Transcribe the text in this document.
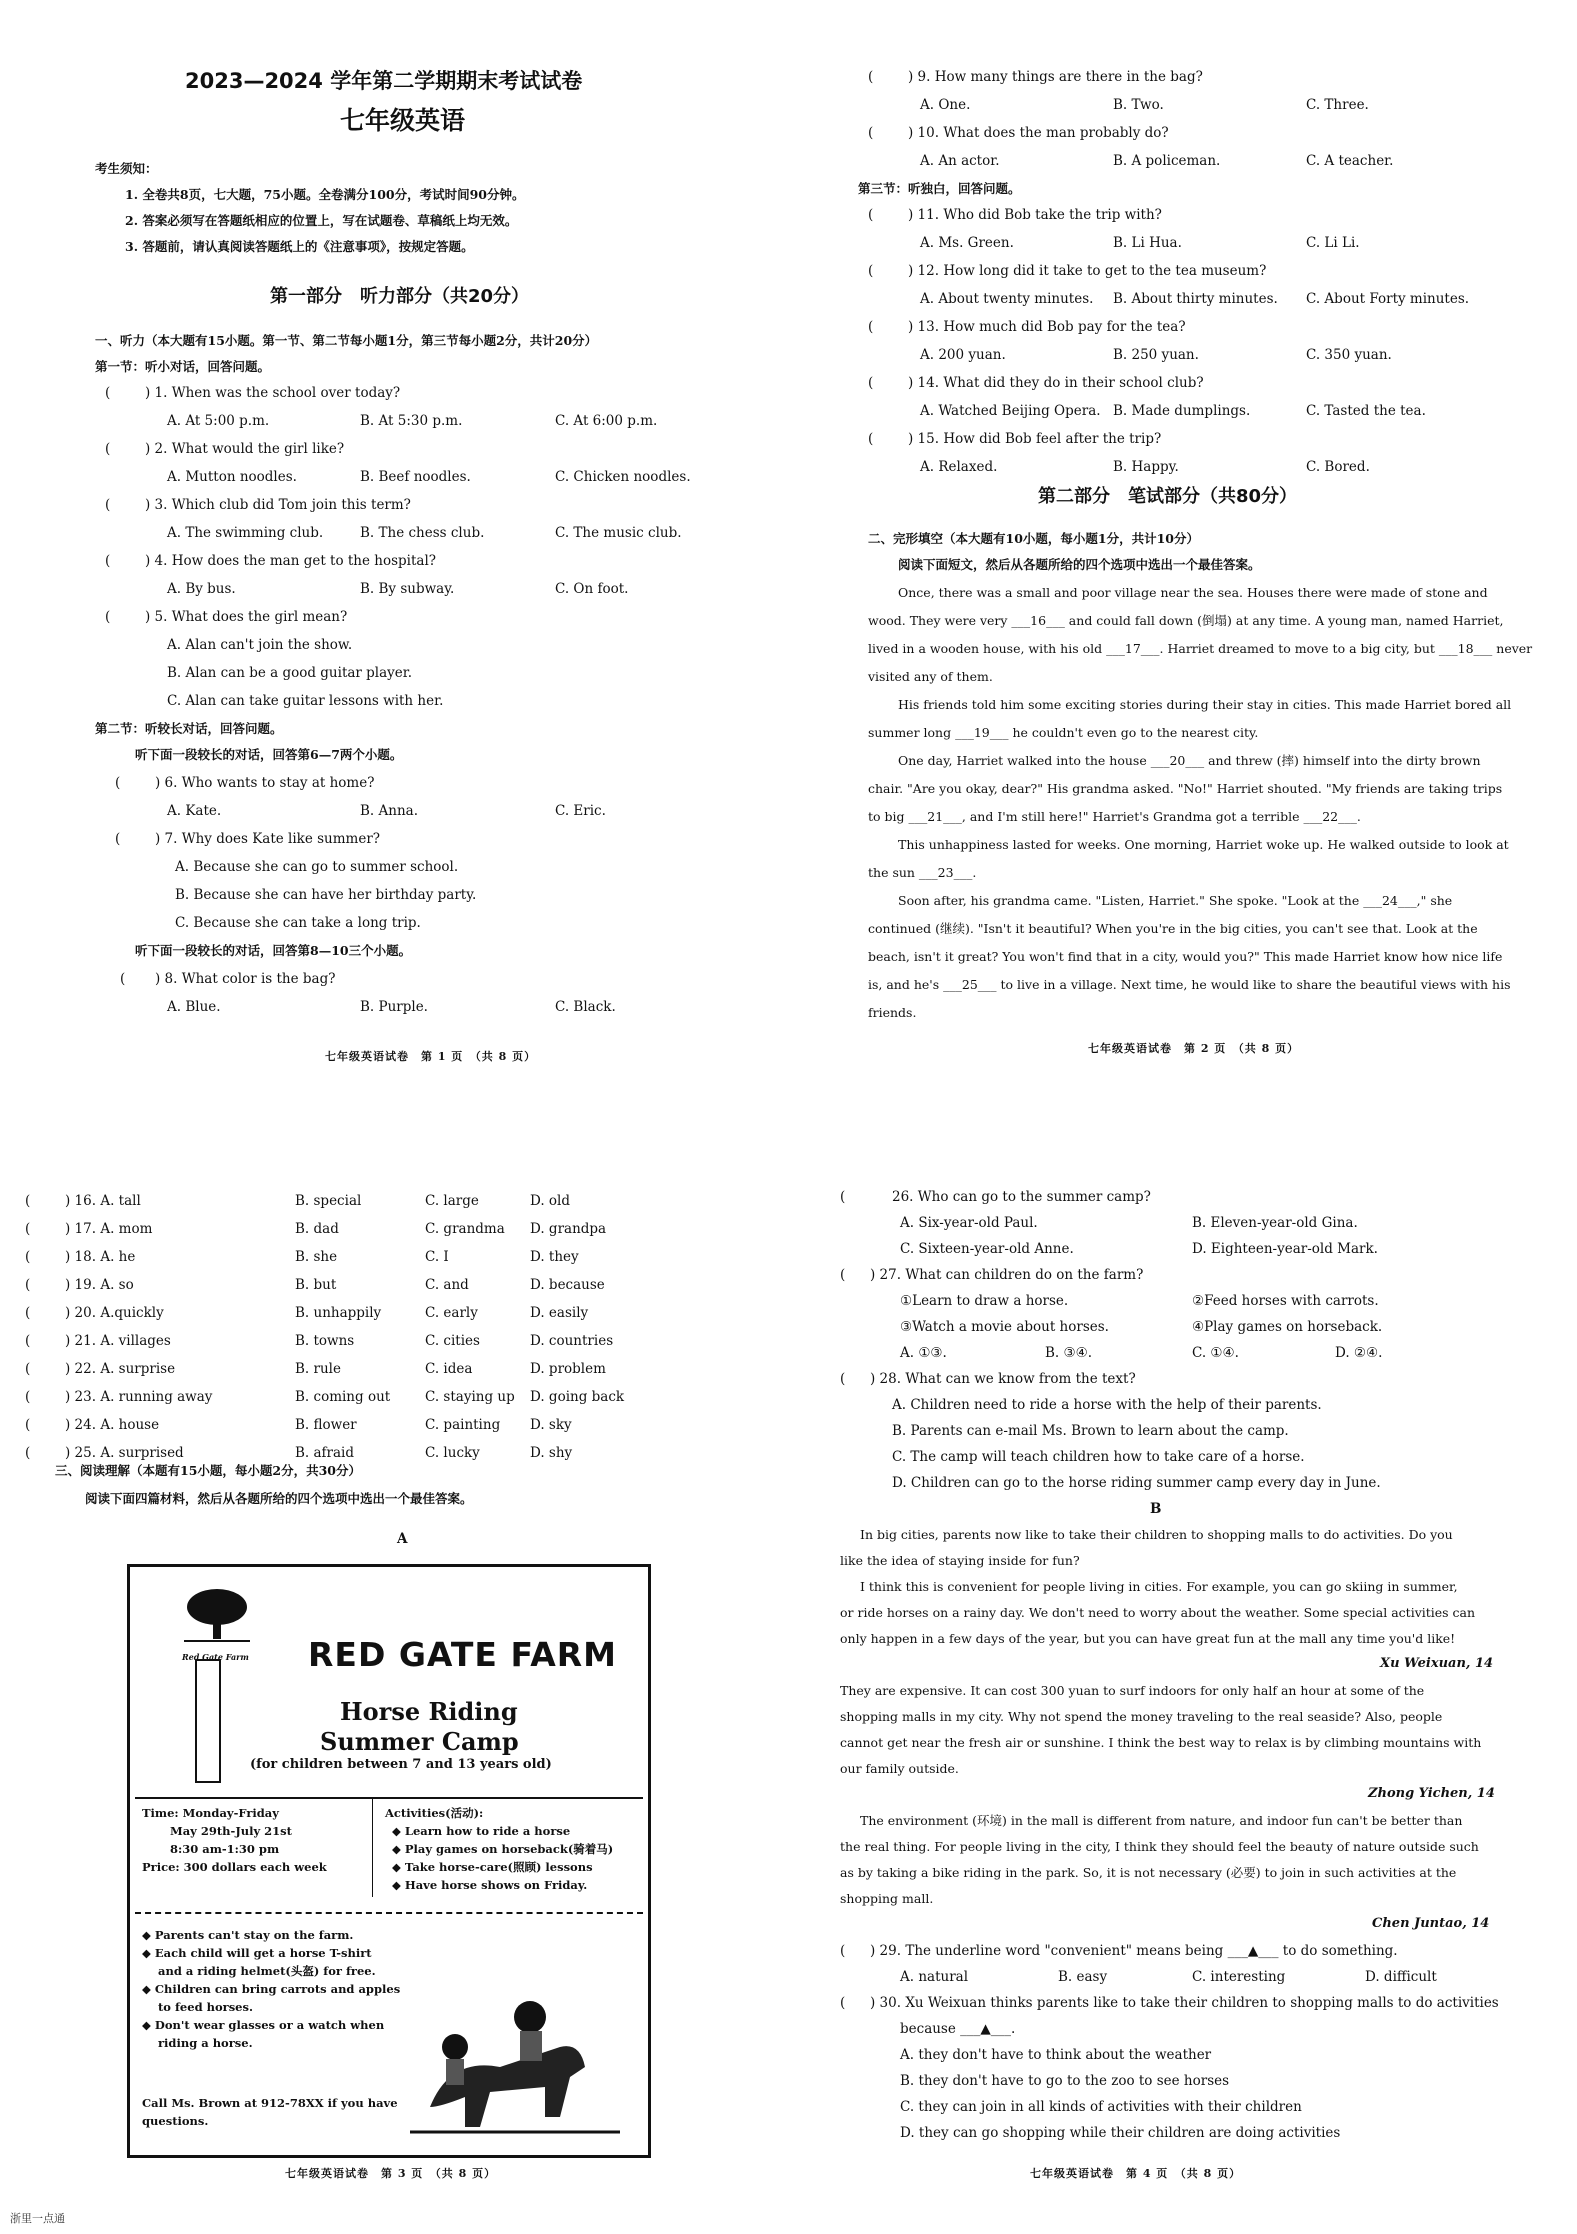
2023—2024 学年第二学期期末考试试卷
七年级英语
考生须知：
1. 全卷共8页，七大题，75小题。全卷满分100分，考试时间90分钟。
2. 答案必须写在答题纸相应的位置上，写在试题卷、草稿纸上均无效。
3. 答题前，请认真阅读答题纸上的《注意事项》，按规定答题。
第一部分　听力部分（共20分）
一、听力（本大题有15小题。第一节、第二节每小题1分，第三节每小题2分，共计20分）
第一节：听小对话，回答问题。
(	) 1. When was the school over today?
A. At 5:00 p.m.	B. At 5:30 p.m.	C. At 6:00 p.m.
(	) 2. What would the girl like?
A. Mutton noodles.	B. Beef noodles.	C. Chicken noodles.
(	) 3. Which club did Tom join this term?
A. The swimming club.	B. The chess club.	C. The music club.
(	) 4. How does the man get to the hospital?
A. By bus.	B. By subway.	C. On foot.
(	) 5. What does the girl mean?
A. Alan can't join the show.
B. Alan can be a good guitar player.
C. Alan can take guitar lessons with her.
第二节：听较长对话，回答问题。
听下面一段较长的对话，回答第6—7两个小题。
(	) 6. Who wants to stay at home?
A. Kate.	B. Anna.	C. Eric.
(	) 7. Why does Kate like summer?
A. Because she can go to summer school.
B. Because she can have her birthday party.
C. Because she can take a long trip.
听下面一段较长的对话，回答第8—10三个小题。
( ) 8. What color is the bag?
A. Blue.	B. Purple.	C. Black.
七年级英语试卷　第 1 页　（共 8 页）
(	) 9. How many things are there in the bag?
A. One.	B. Two.	C. Three.
(	) 10. What does the man probably do?
A. An actor.	B. A policeman.	C. A teacher.
第三节：听独白，回答问题。
(	) 11. Who did Bob take the trip with?
A. Ms. Green.	B. Li Hua.	C. Li Li.
(	) 12. How long did it take to get to the tea museum?
A. About twenty minutes. B. About thirty minutes. C. About Forty minutes.
(	) 13. How much did Bob pay for the tea?
A. 200 yuan.	B. 250 yuan.	C. 350 yuan.
(	) 14. What did they do in their school club?
A. Watched Beijing Opera. B. Made dumplings.	C. Tasted the tea.
(	) 15. How did Bob feel after the trip?
A. Relaxed.	B. Happy.	C. Bored.
第二部分　笔试部分（共80分）
二、完形填空（本大题有10小题，每小题1分，共计10分）
阅读下面短文，然后从各题所给的四个选项中选出一个最佳答案。
Once, there was a small and poor village near the sea. Houses there were made of stone and
wood. They were very ___16___ and could fall down (倒塌) at any time. A young man, named Harriet,
lived in a wooden house, with his old ___17___. Harriet dreamed to move to a big city, but ___18___ never
visited any of them.
His friends told him some exciting stories during their stay in cities. This made Harriet bored all
summer long ___19___ he couldn't even go to the nearest city.
One day, Harriet walked into the house ___20___ and threw (摔) himself into the dirty brown
chair. "Are you okay, dear?" His grandma asked. "No!" Harriet shouted. "My friends are taking trips
to big ___21___, and I'm still here!" Harriet's Grandma got a terrible ___22___.
This unhappiness lasted for weeks. One morning, Harriet woke up. He walked outside to look at
the sun ___23___.
Soon after, his grandma came. "Listen, Harriet." She spoke. "Look at the ___24___," she
continued (继续). "Isn't it beautiful? When you're in the big cities, you can't see that. Look at the
beach, isn't it great? You won't find that in a city, would you?" This made Harriet know how nice life
is, and he's ___25___ to live in a village. Next time, he would like to share the beautiful views with his
friends.
七年级英语试卷　第 2 页　（共 8 页）
(	) 16. A. tall	B. special	C. large	D. old
(	) 17. A. mom	B. dad	C. grandma D. grandpa
(	) 18. A. he	B. she	C. I	D. they
(	) 19. A. so	B. but	C. and	D. because
(	) 20. A.quickly	B. unhappily	C. early	D. easily
(	) 21. A. villages	B. towns	C. cities	D. countries
(	) 22. A. surprise	B. rule	C. idea	D. problem
(	) 23. A. running away	B. coming out	C. staying up D. going back
(	) 24. A. house	B. flower	C. painting D. sky
(	) 25. A. surprised	B. afraid	C. lucky	D. shy
三、阅读理解（本题有15小题，每小题2分，共30分）
阅读下面四篇材料，然后从各题所给的四个选项中选出一个最佳答案。
A
Red Gate Farm RED GATE FARM
Horse Riding
Summer Camp
(for children between 7 and 13 years old)
Time: Monday-Friday
May 29th-July 21st
8:30 am-1:30 pm
Price: 300 dollars each week
Activities(活动):
◆ Learn how to ride a horse
◆ Play games on horseback(骑着马)
◆ Take horse-care(照顾) lessons
◆ Have horse shows on Friday.
◆ Parents can't stay on the farm.
◆ Each child will get a horse T-shirt
and a riding helmet(头盔) for free.
◆ Children can bring carrots and apples
to feed horses.
◆ Don't wear glasses or a watch when
riding a horse.
Call Ms. Brown at 912-78XX if you have
questions.
七年级英语试卷　第 3 页　（共 8 页）
(	26. Who can go to the summer camp?
A. Six-year-old Paul.	B. Eleven-year-old Gina.
C. Sixteen-year-old Anne.	D. Eighteen-year-old Mark.
( ) 27. What can children do on the farm?
①Learn to draw a horse.	②Feed horses with carrots.
③Watch a movie about horses.	④Play games on horseback.
A. ①③.	B. ③④.	C. ①④.	D. ②④.
( ) 28. What can we know from the text?
A. Children need to ride a horse with the help of their parents.
B. Parents can e-mail Ms. Brown to learn about the camp.
C. The camp will teach children how to take care of a horse.
D. Children can go to the horse riding summer camp every day in June.
B
In big cities, parents now like to take their children to shopping malls to do activities. Do you
like the idea of staying inside for fun?
I think this is convenient for people living in cities. For example, you can go skiing in summer,
or ride horses on a rainy day. We don't need to worry about the weather. Some special activities can
only happen in a few days of the year, but you can have great fun at the mall any time you'd like!
Xu Weixuan, 14
They are expensive. It can cost 300 yuan to surf indoors for only half an hour at some of the
shopping malls in my city. Why not spend the money traveling to the real seaside? Also, people
cannot get near the fresh air or sunshine. I think the best way to relax is by climbing mountains with
our family outside.
Zhong Yichen, 14
The environment (环境) in the mall is different from nature, and indoor fun can't be better than
the real thing. For people living in the city, I think they should feel the beauty of nature outside such
as by taking a bike riding in the park. So, it is not necessary (必要) to join in such activities at the
shopping mall.
Chen Juntao, 14
( ) 29. The underline word "convenient" means being ___▲___ to do something.
A. natural	B. easy	C. interesting	D. difficult
( ) 30. Xu Weixuan thinks parents like to take their children to shopping malls to do activities
because ___▲___.
A. they don't have to think about the weather
B. they don't have to go to the zoo to see horses
C. they can join in all kinds of activities with their children
D. they can go shopping while their children are doing activities
七年级英语试卷　第 4 页　（共 8 页）
浙里一点通
